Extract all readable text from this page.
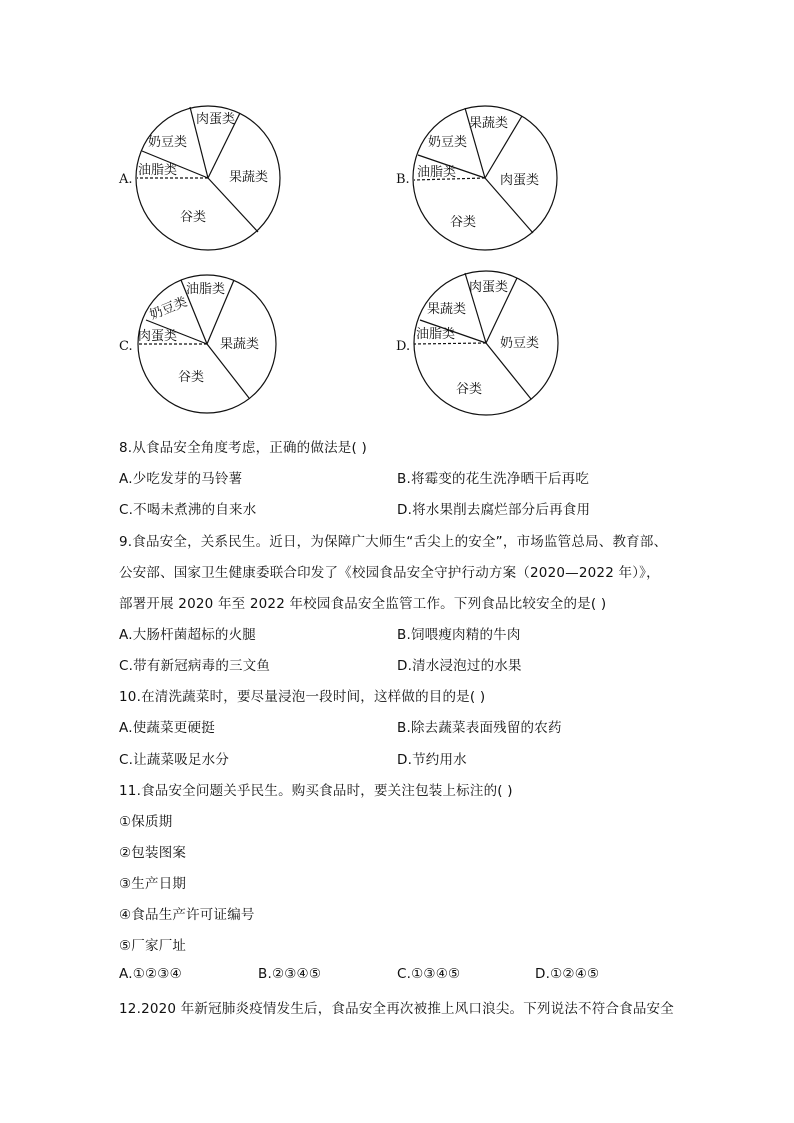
A.	B.
C.	D.
肉蛋类
奶豆类
油脂类	果蔬类
谷类
果蔬类
奶豆类
油脂类
肉蛋类
谷类
油脂类
奶豆类
肉蛋类
果蔬类
谷类
肉蛋类
果蔬类
油脂类
奶豆类
谷类
8.从食品安全角度考虑，正确的做法是( )
A.少吃发芽的马铃薯	B.将霉变的花生洗净晒干后再吃
C.不喝未煮沸的自来水	D.将水果削去腐烂部分后再食用
9.食品安全，关系民生。近日，为保障广大师生“舌尖上的安全”，市场监管总局、教育部、
公安部、国家卫生健康委联合印发了《校园食品安全守护行动方案（2020—2022 年）》，
部署开展 2020 年至 2022 年校园食品安全监管工作。下列食品比较安全的是( )
A.大肠杆菌超标的火腿	B.饲喂瘦肉精的牛肉
C.带有新冠病毒的三文鱼	D.清水浸泡过的水果
10.在清洗蔬菜时，要尽量浸泡一段时间，这样做的目的是( )
A.使蔬菜更硬挺	B.除去蔬菜表面残留的农药
C.让蔬菜吸足水分	D.节约用水
11.食品安全问题关乎民生。购买食品时，要关注包装上标注的( )
①保质期
②包装图案
③生产日期
④食品生产许可证编号
⑤厂家厂址
A.①②③④	B.②③④⑤	C.①③④⑤	D.①②④⑤
12.2020 年新冠肺炎疫情发生后，食品安全再次被推上风口浪尖。下列说法不符合食品安全
